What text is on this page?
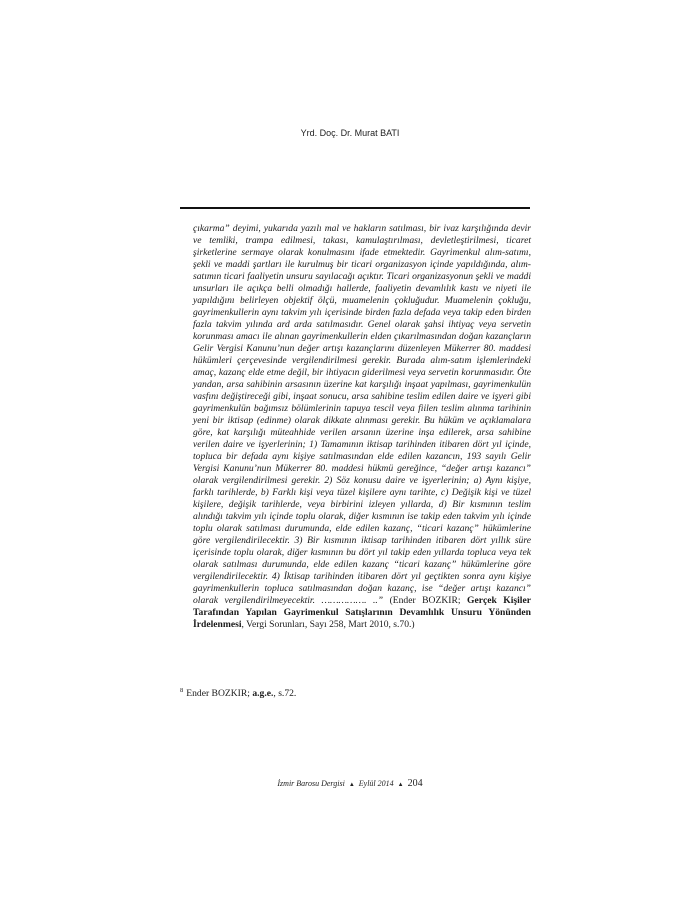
Yrd. Doç. Dr. Murat BATI
çıkarma” deyimi, yukarıda yazılı mal ve hakların satılması, bir ivaz karşılığında devir ve temliki, trampa edilmesi, takası, kamulaştırılması, devletleştirilmesi, ticaret şirketlerine sermaye olarak konulmasını ifade etmektedir. Gayrimenkul alım-satımı, şekli ve maddi şartları ile kurulmuş bir ticari organizasyon içinde yapıldığında, alım-satımın ticari faaliyetin unsuru sayılacağı açıktır. Ticari organizasyonun şekli ve maddi unsurları ile açıkça belli olmadığı hallerde, faaliyetin devamlılık kastı ve niyeti ile yapıldığını belirleyen objektif ölçü, muamelenin çokluğudur. Muamelenin çokluğu, gayrimenkullerin aynı takvim yılı içerisinde birden fazla defada veya takip eden birden fazla takvim yılında ard arda satılmasıdır. Genel olarak şahsi ihtiyaç veya servetin korunması amacı ile alınan gayrimenkullerin elden çıkarılmasından doğan kazançların Gelir Vergisi Kanunu’nun değer artışı kazançlarını düzenleyen Mükerrer 80. maddesi hükümleri çerçevesinde vergilendirilmesi gerekir. Burada alım-satım işlemlerindeki amaç, kazanç elde etme değil, bir ihtiyacın giderilmesi veya servetin korunmasıdır. Öte yandan, arsa sahibinin arsasının üzerine kat karşılığı inşaat yapılması, gayrimenkulün vasfını değiştireceği gibi, inşaat sonucu, arsa sahibine teslim edilen daire ve işyeri gibi gayrimenkulün bağımsız bölümlerinin tapuya tescil veya fiilen teslim alınma tarihinin yeni bir iktisap (edinme) olarak dikkate alınması gerekir. Bu hüküm ve açıklamalara göre, kat karşılığı müteahhide verilen arsanın üzerine inşa edilerek, arsa sahibine verilen daire ve işyerlerinin; 1) Tamamının iktisap tarihinden itibaren dört yıl içinde, topluca bir defada aynı kişiye satılmasından elde edilen kazancın, 193 sayılı Gelir Vergisi Kanunu’nun Mükerrer 80. maddesi hükmü gereğince, “değer artışı kazancı” olarak vergilendirilmesi gerekir. 2) Söz konusu daire ve işyerlerinin; a) Aynı kişiye, farklı tarihlerde, b) Farklı kişi veya tüzel kişilere aynı tarihte, c) Değişik kişi ve tüzel kişilere, değişik tarihlerde, veya birbirini izleyen yıllarda, d) Bir kısmının teslim alındığı takvim yılı içinde toplu olarak, diğer kısmının ise takip eden takvim yılı içinde toplu olarak satılması durumunda, elde edilen kazanç, “ticari kazanç” hükümlerine göre vergilendirilecektir. 3) Bir kısmının iktisap tarihinden itibaren dört yıllık süre içerisinde toplu olarak, diğer kısmının bu dört yıl takip eden yıllarda topluca veya tek olarak satılması durumunda, elde edilen kazanç “ticari kazanç” hükümlerine göre vergilendirilecektir. 4) İktisap tarihinden itibaren dört yıl geçtikten sonra aynı kişiye gayrimenkullerin topluca satılmasından doğan kazanç, ise “değer artışı kazancı” olarak vergilendirilmeyecektir. ……………. ..” (Ender BOZKIR; Gerçek Kişiler Tarafından Yapılan Gayrimenkul Satışlarının Devamlılık Unsuru Yönünden İrdelenmesi, Vergi Sorunları, Sayı 258, Mart 2010, s.70.)
$^8$ Ender BOZKIR; a.g.e., s.72.
İzmir Barosu Dergisi ▲ Eylül 2014 ▲ 204
